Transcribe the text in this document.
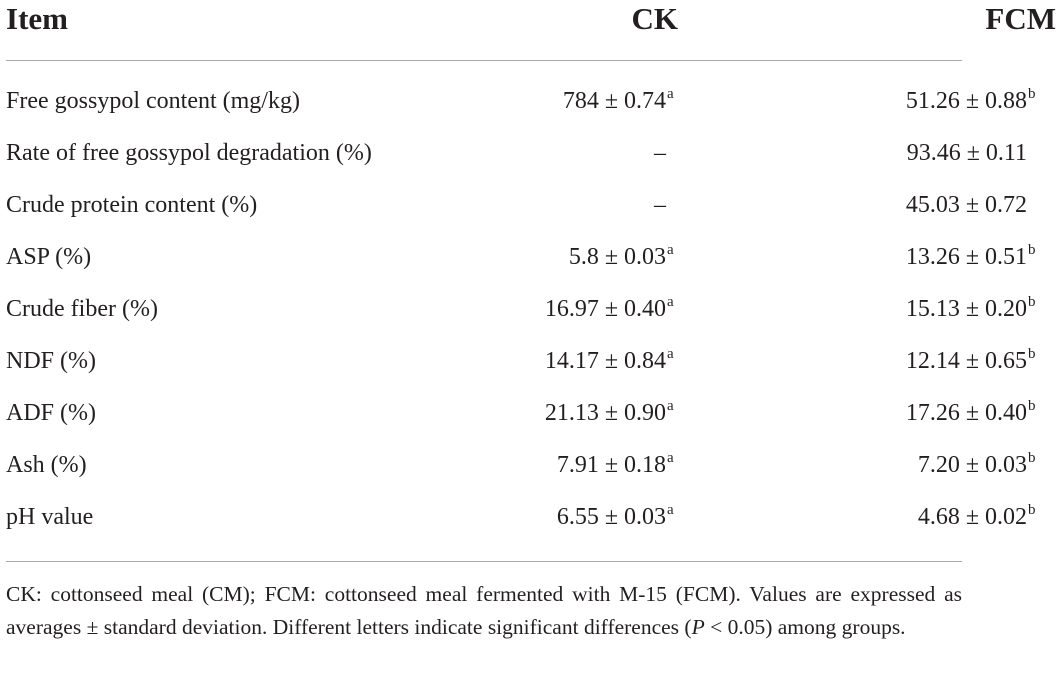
Item	CK	FCM
Free gossypol content (mg/kg)	784 ± 0.74$^a$	51.26 ± 0.88$^b$
Rate of free gossypol degradation (%)	–	93.46 ± 0.11
Crude protein content (%)	–	45.03 ± 0.72
ASP (%)	5.8 ± 0.03$^a$	13.26 ± 0.51$^b$
Crude fiber (%)	16.97 ± 0.40$^a$	15.13 ± 0.20$^b$
NDF (%)	14.17 ± 0.84$^a$	12.14 ± 0.65$^b$
ADF (%)	21.13 ± 0.90$^a$	17.26 ± 0.40$^b$
Ash (%)	7.91 ± 0.18$^a$	7.20 ± 0.03$^b$
pH value	6.55 ± 0.03$^a$	4.68 ± 0.02$^b$
CK: cottonseed meal (CM); FCM: cottonseed meal fermented with M-15 (FCM). Values are expressed as averages ± standard deviation. Different letters indicate significant differences (P < 0.05) among groups.
